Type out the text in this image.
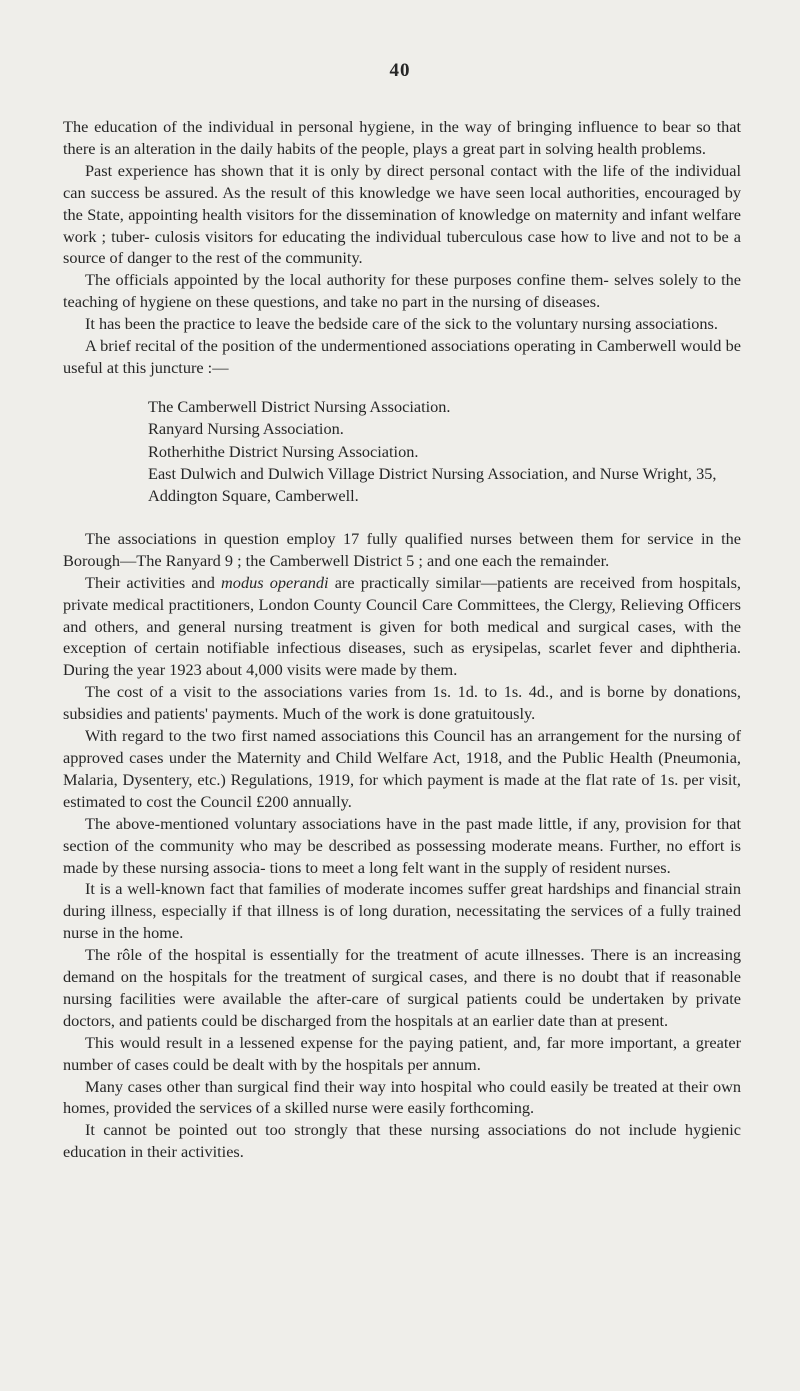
40

The education of the individual in personal hygiene, in the way of bringing influence to bear so that there is an alteration in the daily habits of the people, plays a great part in solving health problems.

Past experience has shown that it is only by direct personal contact with the life of the individual can success be assured. As the result of this knowledge we have seen local authorities, encouraged by the State, appointing health visitors for the dissemination of knowledge on maternity and infant welfare work ; tuber- culosis visitors for educating the individual tuberculous case how to live and not to be a source of danger to the rest of the community.

The officials appointed by the local authority for these purposes confine them- selves solely to the teaching of hygiene on these questions, and take no part in the nursing of diseases.

It has been the practice to leave the bedside care of the sick to the voluntary nursing associations.

A brief recital of the position of the undermentioned associations operating in Camberwell would be useful at this juncture :—

The Camberwell District Nursing Association.
Ranyard Nursing Association.
Rotherhithe District Nursing Association.
East Dulwich and Dulwich Village District Nursing Association, and Nurse Wright, 35, Addington Square, Camberwell.

The associations in question employ 17 fully qualified nurses between them for service in the Borough—The Ranyard 9 ; the Camberwell District 5 ; and one each the remainder.

Their activities and modus operandi are practically similar—patients are received from hospitals, private medical practitioners, London County Council Care Committees, the Clergy, Relieving Officers and others, and general nursing treatment is given for both medical and surgical cases, with the exception of certain notifiable infectious diseases, such as erysipelas, scarlet fever and diphtheria. During the year 1923 about 4,000 visits were made by them.

The cost of a visit to the associations varies from 1s. 1d. to 1s. 4d., and is borne by donations, subsidies and patients' payments. Much of the work is done gratuitously.

With regard to the two first named associations this Council has an arrangement for the nursing of approved cases under the Maternity and Child Welfare Act, 1918, and the Public Health (Pneumonia, Malaria, Dysentery, etc.) Regulations, 1919, for which payment is made at the flat rate of 1s. per visit, estimated to cost the Council £200 annually.

The above-mentioned voluntary associations have in the past made little, if any, provision for that section of the community who may be described as possessing moderate means. Further, no effort is made by these nursing associa- tions to meet a long felt want in the supply of resident nurses.

It is a well-known fact that families of moderate incomes suffer great hardships and financial strain during illness, especially if that illness is of long duration, necessitating the services of a fully trained nurse in the home.

The rôle of the hospital is essentially for the treatment of acute illnesses. There is an increasing demand on the hospitals for the treatment of surgical cases, and there is no doubt that if reasonable nursing facilities were available the after-care of surgical patients could be undertaken by private doctors, and patients could be discharged from the hospitals at an earlier date than at present.

This would result in a lessened expense for the paying patient, and, far more important, a greater number of cases could be dealt with by the hospitals per annum.

Many cases other than surgical find their way into hospital who could easily be treated at their own homes, provided the services of a skilled nurse were easily forthcoming.

It cannot be pointed out too strongly that these nursing associations do not include hygienic education in their activities.
